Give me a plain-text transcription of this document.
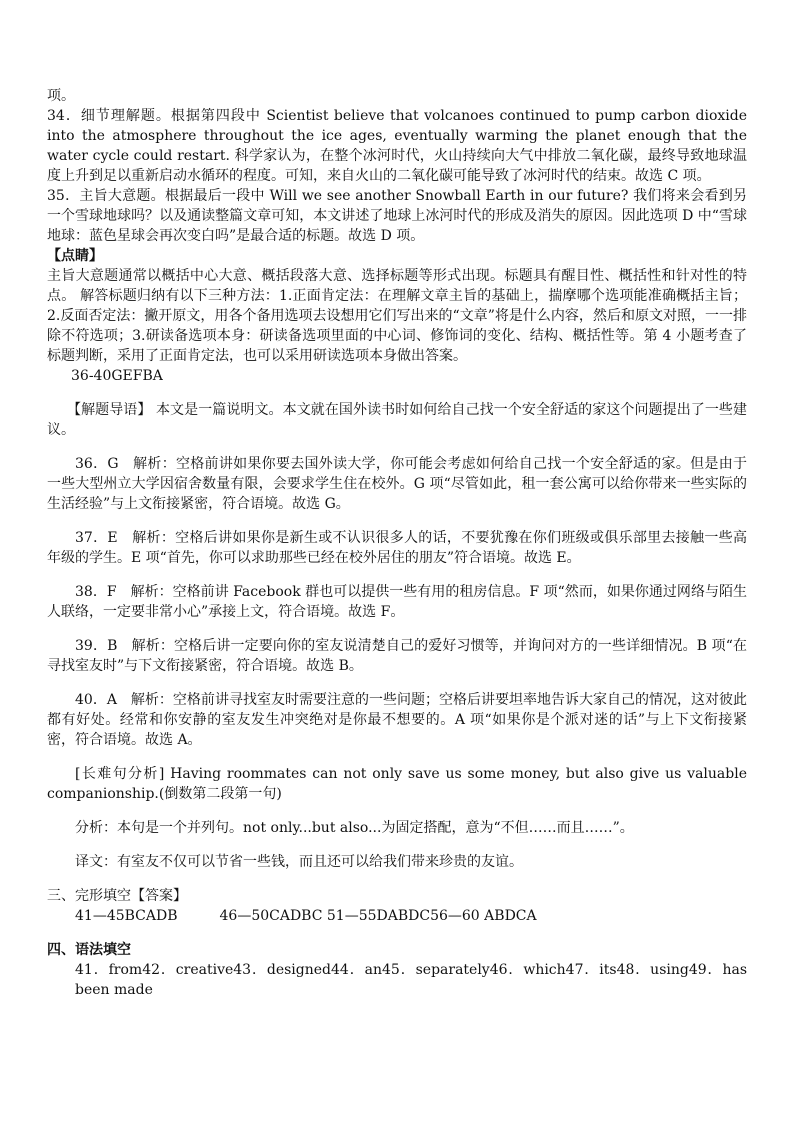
项。

34．细节理解题。根据第四段中 Scientist believe that volcanoes continued to pump carbon dioxide into the atmosphere throughout the ice ages, eventually warming the planet enough that the water cycle could restart. 科学家认为，在整个冰河时代，火山持续向大气中排放二氧化碳，最终导致地球温度上升到足以重新启动水循环的程度。可知，来自火山的二氧化碳可能导致了冰河时代的结束。故选 C 项。

35．主旨大意题。根据最后一段中 Will we see another Snowball Earth in our future? 我们将来会看到另一个雪球地球吗？以及通读整篇文章可知，本文讲述了地球上冰河时代的形成及消失的原因。因此选项 D 中“雪球地球：蓝色星球会再次变白吗”是最合适的标题。故选 D 项。

【点睛】

主旨大意题通常以概括中心大意、概括段落大意、选择标题等形式出现。标题具有醒目性、概括性和针对性的特点。 解答标题归纳有以下三种方法：1.正面肯定法：在理解文章主旨的基础上，揣摩哪个选项能准确概括主旨；2.反面否定法：撇开原文，用各个备用选项去设想用它们写出来的“文章”将是什么内容，然后和原文对照，一一排除不符选项；3.研读备选项本身：研读备选项里面的中心词、修饰词的变化、结构、概括性等。第 4 小题考查了标题判断，采用了正面肯定法，也可以采用研读选项本身做出答案。

36-40GEFBA

【解题导语】 本文是一篇说明文。本文就在国外读书时如何给自己找一个安全舒适的家这个问题提出了一些建议。

36．G　解析：空格前讲如果你要去国外读大学，你可能会考虑如何给自己找一个安全舒适的家。但是由于一些大型州立大学因宿舍数量有限，会要求学生住在校外。G 项“尽管如此，租一套公寓可以给你带来一些实际的生活经验”与上文衔接紧密，符合语境。故选 G。

37．E　解析：空格后讲如果你是新生或不认识很多人的话，不要犹豫在你们班级或俱乐部里去接触一些高年级的学生。E 项“首先，你可以求助那些已经在校外居住的朋友”符合语境。故选 E。

38．F　解析：空格前讲 Facebook 群也可以提供一些有用的租房信息。F 项“然而，如果你通过网络与陌生人联络，一定要非常小心”承接上文，符合语境。故选 F。

39．B　解析：空格后讲一定要向你的室友说清楚自己的爱好习惯等，并询问对方的一些详细情况。B 项“在寻找室友时”与下文衔接紧密，符合语境。故选 B。

40．A　解析：空格前讲寻找室友时需要注意的一些问题；空格后讲要坦率地告诉大家自己的情况，这对彼此都有好处。经常和你安静的室友发生冲突绝对是你最不想要的。A 项“如果你是个派对迷的话”与上下文衔接紧密，符合语境。故选 A。

[长难句分析] Having roommates can not only save us some money, but also give us valuable companionship.(倒数第二段第一句)

分析：本句是一个并列句。not only...but also...为固定搭配，意为“不但……而且……”。

译文：有室友不仅可以节省一些钱，而且还可以给我们带来珍贵的友谊。

三、完形填空【答案】

41—45BCADB　　　46—50CADBC 51—55DABDC56—60 ABDCA

四、语法填空

41．from42．creative43．designed44．an45．separately46．which47．its48．using49．has been made
